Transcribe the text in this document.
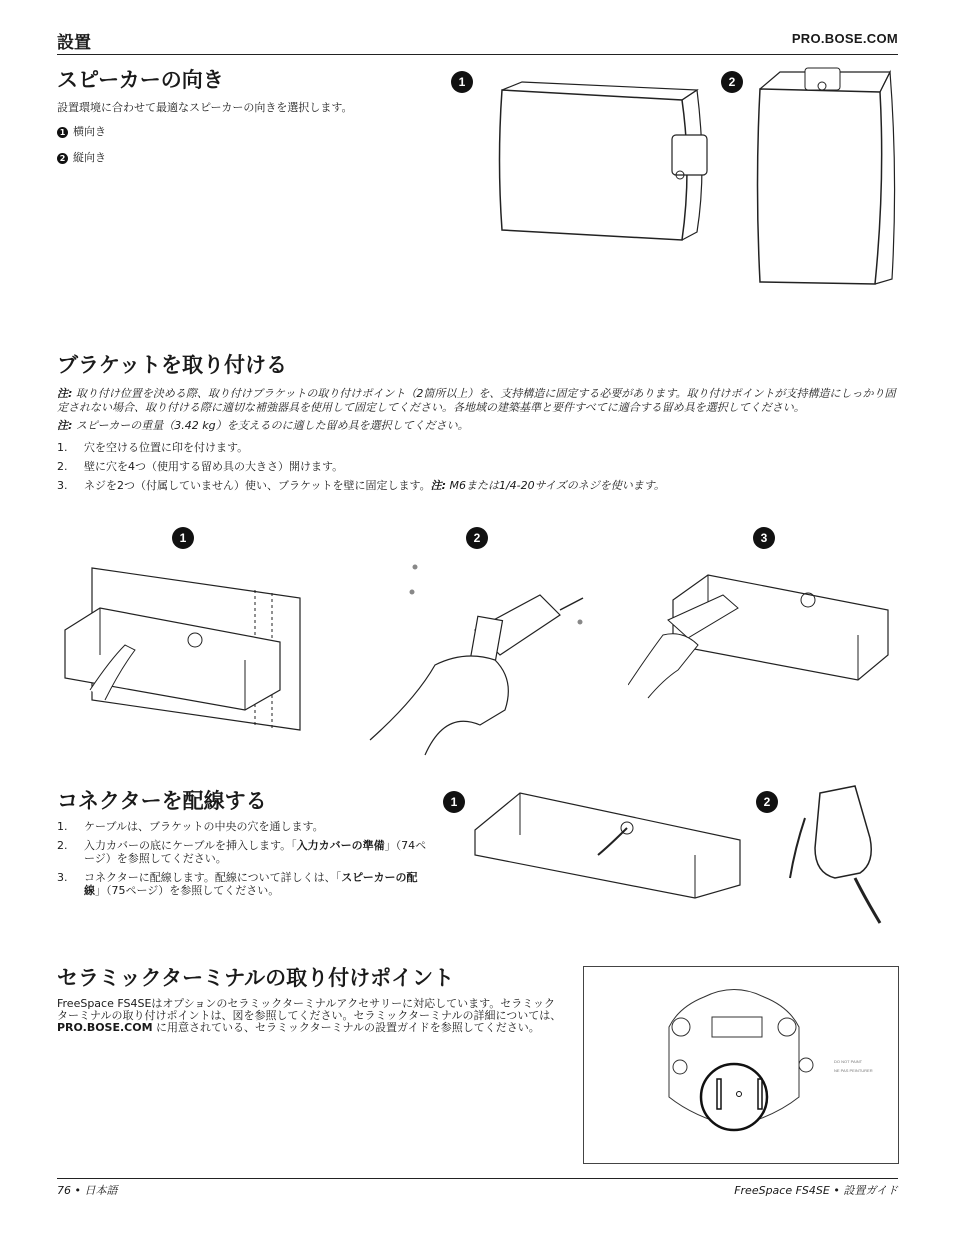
設置	PRO.BOSE.COM
スピーカーの向き
設置環境に合わせて最適なスピーカーの向きを選択します。
1 横向き
2 縦向き
1	2
ブラケットを取り付ける
注: 取り付け位置を決める際、取り付けブラケットの取り付けポイント（2箇所以上）を、支持構造に固定する必要があります。取り付けポイントが支持構造にしっかり固定されない場合、取り付ける際に適切な補強器具を使用して固定してください。各地域の建築基準と要件すべてに適合する留め具を選択してください。
注: スピーカーの重量（3.42 kg）を支えるのに適した留め具を選択してください。
1.	穴を空ける位置に印を付けます。
2.	壁に穴を4つ（使用する留め具の大きさ）開けます。
3.	ネジを2つ（付属していません）使い、ブラケットを壁に固定します。注: M6または1/4-20サイズのネジを使います。
1	2	3
コネクターを配線する
1.	ケーブルは、ブラケットの中央の穴を通します。
2.	入力カバーの底にケーブルを挿入します。「入力カバーの準備」（74ページ）を参照してください。
3.	コネクターに配線します。配線について詳しくは、「スピーカーの配線」（75ページ）を参照してください。
1	2
セラミックターミナルの取り付けポイント
FreeSpace FS4SEはオプションのセラミックターミナルアクセサリーに対応しています。セラミックターミナルの取り付けポイントは、図を参照してください。セラミックターミナルの詳細については、PRO.BOSE.COM に用意されている、セラミックターミナルの設置ガイドを参照してください。
DO NOT PAINT
NE PAS PEINTURER
76 • 日本語	FreeSpace FS4SE • 設置ガイド
